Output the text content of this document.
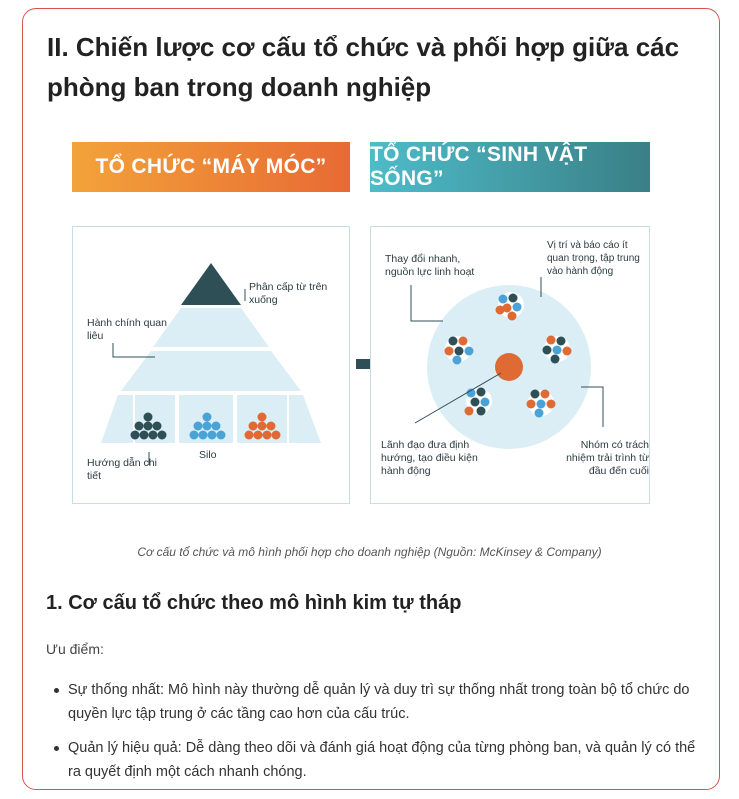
II. Chiến lược cơ cấu tổ chức và phối hợp giữa các phòng ban trong doanh nghiệp
TỔ CHỨC “MÁY MÓC”
TỔ CHỨC “SINH VẬT SỐNG”
Phân cấp từ trên xuống
Hành chính quan liêu
Hướng dẫn chi tiết
Silo
Thay đổi nhanh, nguồn lực linh hoạt
Vị trí và báo cáo ít quan trọng, tập trung vào hành động
Lãnh đạo đưa định hướng, tạo điều kiện hành động
Nhóm có trách nhiệm trải trình từ đầu đến cuối
Cơ cấu tổ chức và mô hình phối hợp cho doanh nghiệp (Nguồn: McKinsey & Company)
1. Cơ cấu tổ chức theo mô hình kim tự tháp
Ưu điểm:
Sự thống nhất: Mô hình này thường dễ quản lý và duy trì sự thống nhất trong toàn bộ tổ chức do quyền lực tập trung ở các tầng cao hơn của cấu trúc.
Quản lý hiệu quả: Dễ dàng theo dõi và đánh giá hoạt động của từng phòng ban, và quản lý có thể ra quyết định một cách nhanh chóng.
